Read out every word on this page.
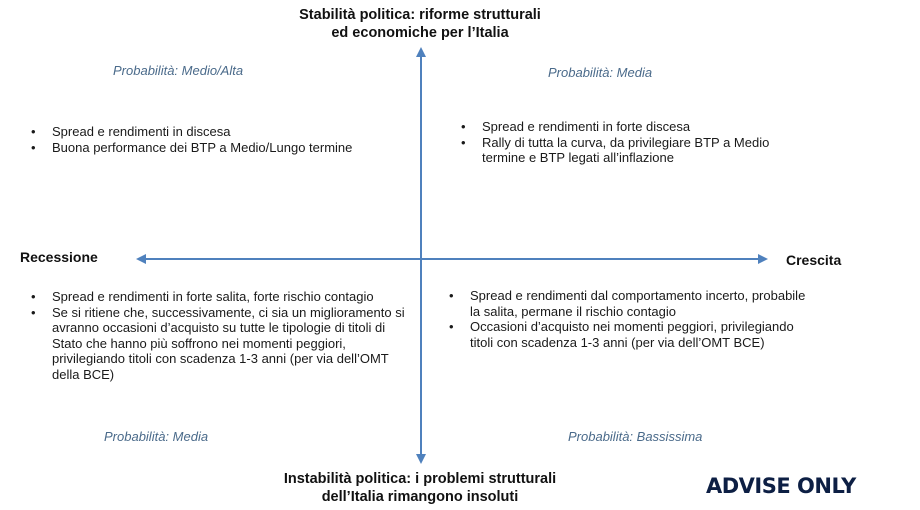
Stabilità politica: riforme strutturali
ed economiche per l’Italia
Instabilità politica: i problemi strutturali
dell’Italia rimangono insoluti
Recessione	Crescita
Probabilità: Medio/Alta	Probabilità: Media
Probabilità: Media	Probabilità: Bassissima
• Spread e rendimenti in discesa
• Buona performance dei BTP a Medio/Lungo termine
• Spread e rendimenti in forte discesa
• Rally di tutta la curva, da privilegiare BTP a Medio termine e BTP legati all’inflazione
• Spread e rendimenti in forte salita, forte rischio contagio
• Se si ritiene che, successivamente, ci sia un miglioramento si avranno occasioni d’acquisto su tutte le tipologie di titoli di Stato che hanno più soffrono nei momenti peggiori, privilegiando titoli con scadenza 1-3 anni (per via dell’OMT della BCE)
• Spread e rendimenti dal comportamento incerto, probabile la salita, permane il rischio contagio
• Occasioni d’acquisto nei momenti peggiori, privilegiando titoli con scadenza 1-3 anni (per via dell’OMT BCE)
ADVISE ONLY
